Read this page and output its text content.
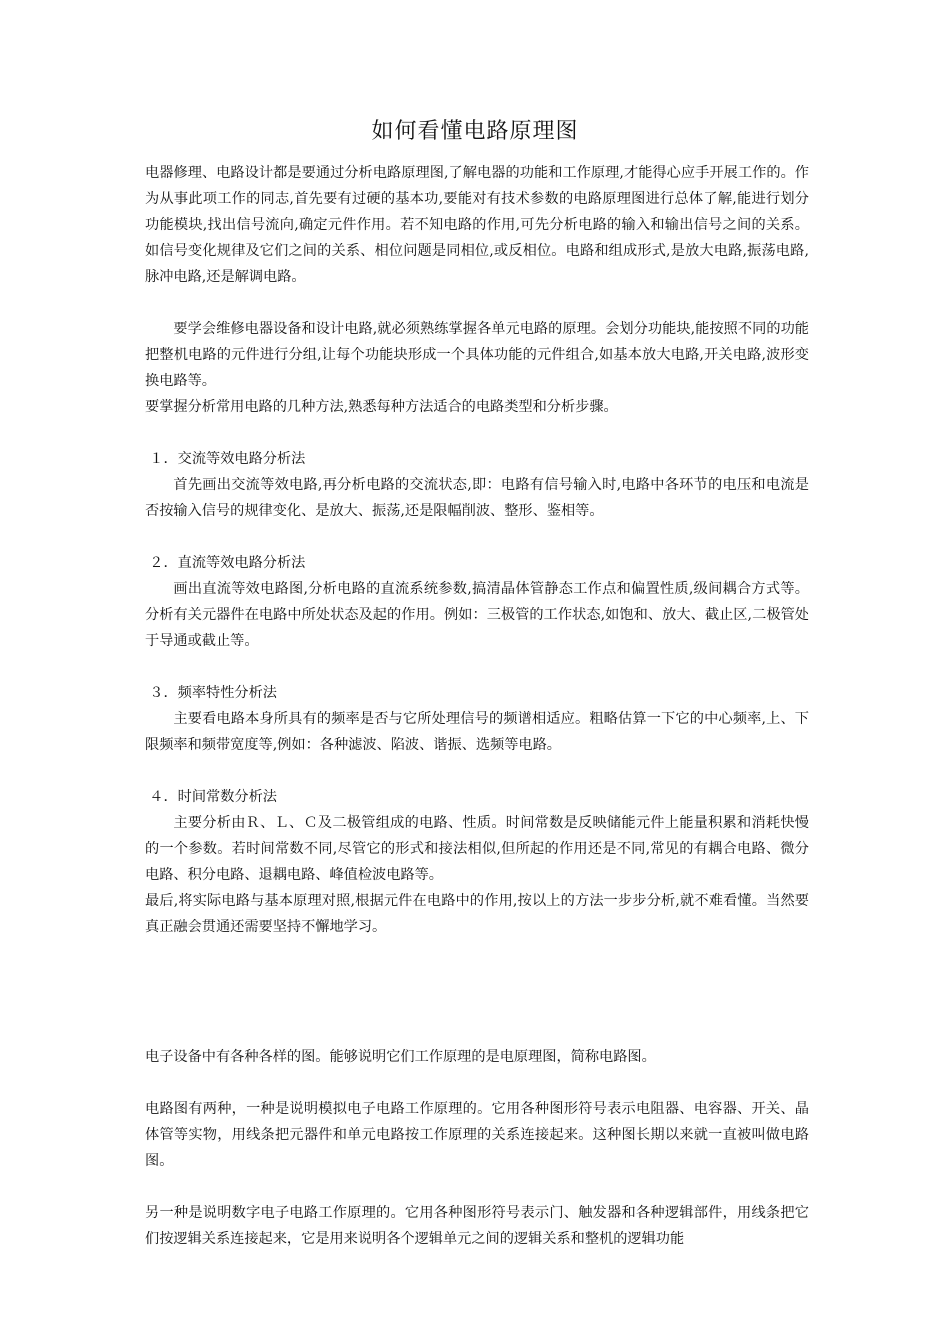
如何看懂电路原理图

电器修理、电路设计都是要通过分析电路原理图,了解电器的功能和工作原理,才能得心应手开展工作的。作为从事此项工作的同志,首先要有过硬的基本功,要能对有技术参数的电路原理图进行总体了解,能进行划分功能模块,找出信号流向,确定元件作用。若不知电路的作用,可先分析电路的输入和输出信号之间的关系。如信号变化规律及它们之间的关系、相位问题是同相位,或反相位。电路和组成形式,是放大电路,振荡电路,脉冲电路,还是解调电路。

要学会维修电器设备和设计电路,就必须熟练掌握各单元电路的原理。会划分功能块,能按照不同的功能把整机电路的元件进行分组,让每个功能块形成一个具体功能的元件组合,如基本放大电路,开关电路,波形变换电路等。

要掌握分析常用电路的几种方法,熟悉每种方法适合的电路类型和分析步骤。

１．交流等效电路分析法

首先画出交流等效电路,再分析电路的交流状态,即：电路有信号输入时,电路中各环节的电压和电流是否按输入信号的规律变化、是放大、振荡,还是限幅削波、整形、鉴相等。

２．直流等效电路分析法

画出直流等效电路图,分析电路的直流系统参数,搞清晶体管静态工作点和偏置性质,级间耦合方式等。分析有关元器件在电路中所处状态及起的作用。例如：三极管的工作状态,如饱和、放大、截止区,二极管处于导通或截止等。

３．频率特性分析法

主要看电路本身所具有的频率是否与它所处理信号的频谱相适应。粗略估算一下它的中心频率,上、下限频率和频带宽度等,例如：各种滤波、陷波、谐振、选频等电路。

４．时间常数分析法

主要分析由Ｒ、Ｌ、Ｃ及二极管组成的电路、性质。时间常数是反映储能元件上能量积累和消耗快慢的一个参数。若时间常数不同,尽管它的形式和接法相似,但所起的作用还是不同,常见的有耦合电路、微分电路、积分电路、退耦电路、峰值检波电路等。

最后,将实际电路与基本原理对照,根据元件在电路中的作用,按以上的方法一步步分析,就不难看懂。当然要真正融会贯通还需要坚持不懈地学习。

电子设备中有各种各样的图。能够说明它们工作原理的是电原理图，简称电路图。

电路图有两种，一种是说明模拟电子电路工作原理的。它用各种图形符号表示电阻器、电容器、开关、晶体管等实物，用线条把元器件和单元电路按工作原理的关系连接起来。这种图长期以来就一直被叫做电路图。

另一种是说明数字电子电路工作原理的。它用各种图形符号表示门、触发器和各种逻辑部件，用线条把它们按逻辑关系连接起来，它是用来说明各个逻辑单元之间的逻辑关系和整机的逻辑功能
